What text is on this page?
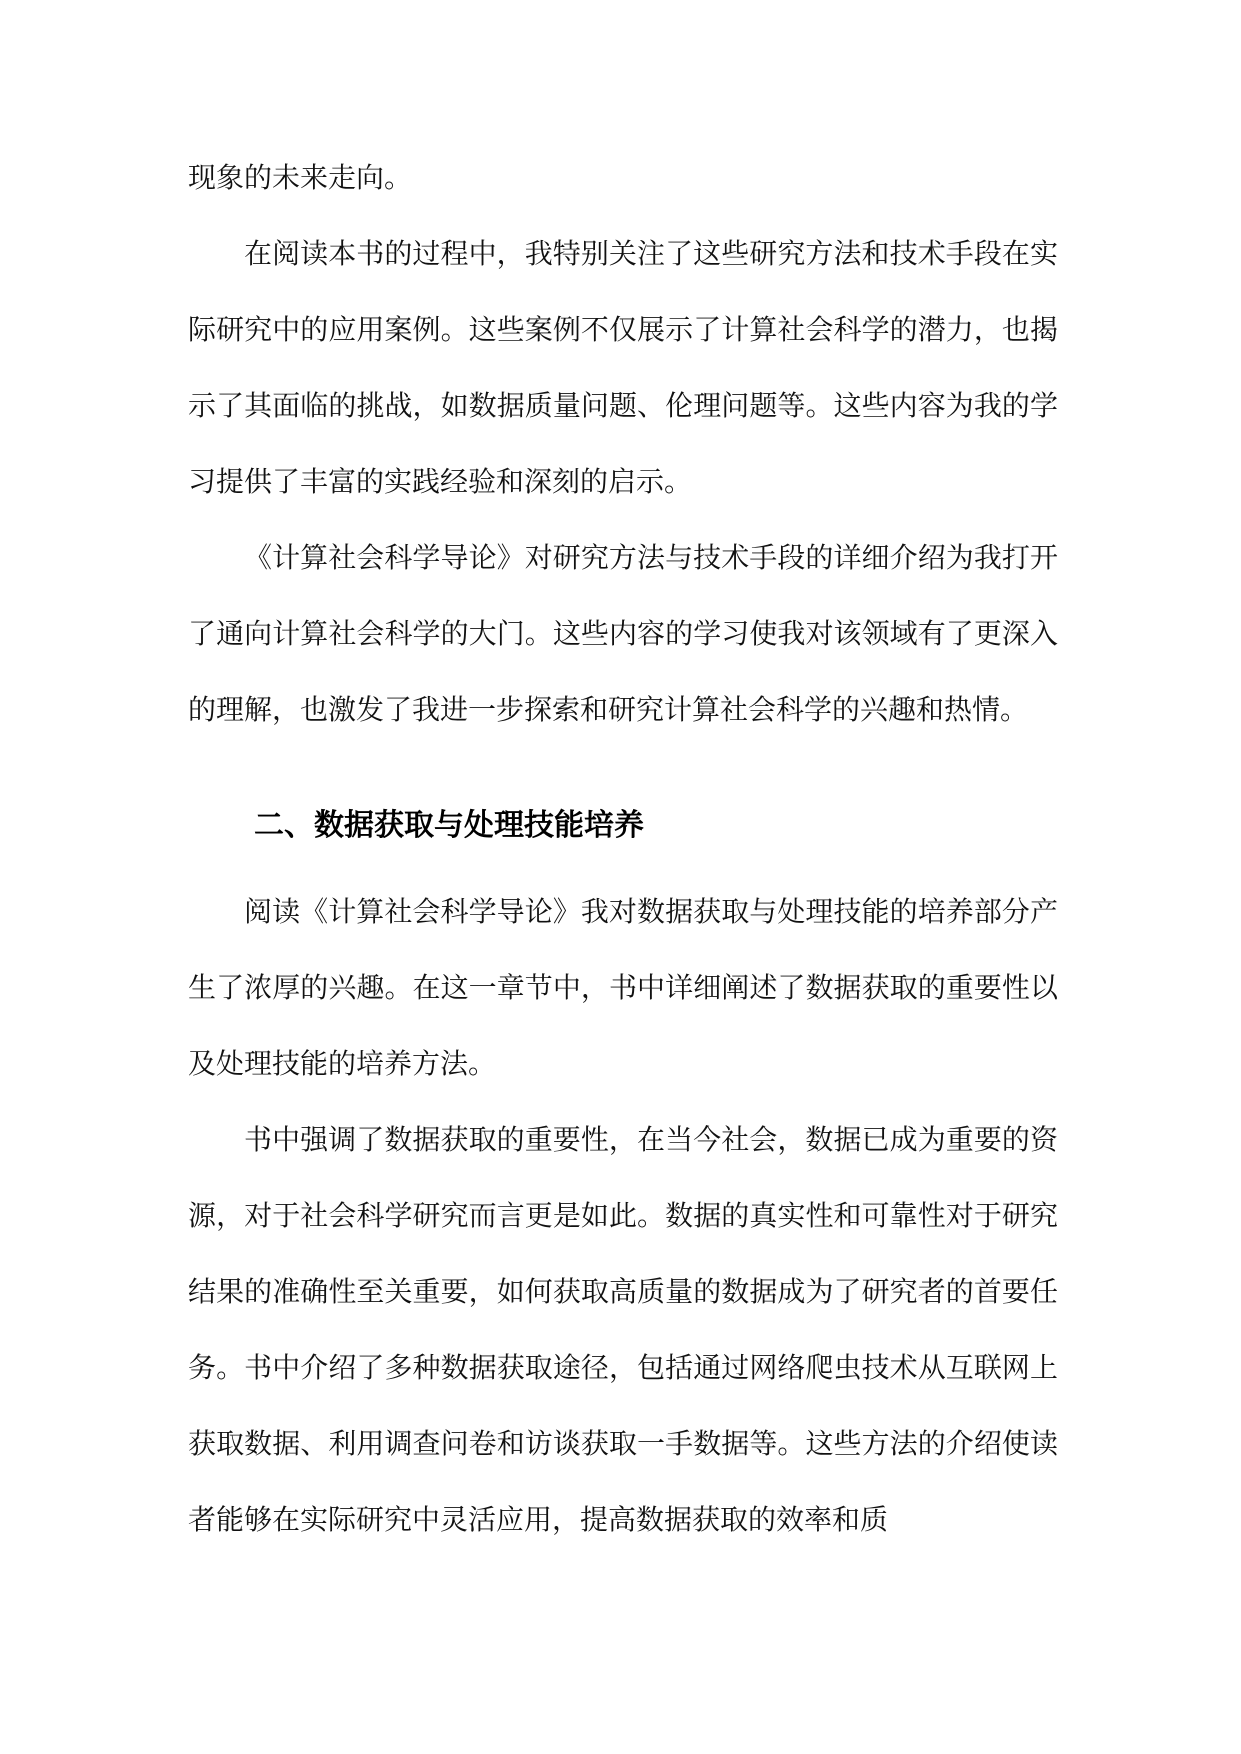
现象的未来走向。

在阅读本书的过程中，我特别关注了这些研究方法和技术手段在实际研究中的应用案例。这些案例不仅展示了计算社会科学的潜力，也揭示了其面临的挑战，如数据质量问题、伦理问题等。这些内容为我的学习提供了丰富的实践经验和深刻的启示。

《计算社会科学导论》对研究方法与技术手段的详细介绍为我打开了通向计算社会科学的大门。这些内容的学习使我对该领域有了更深入的理解，也激发了我进一步探索和研究计算社会科学的兴趣和热情。

二、数据获取与处理技能培养

阅读《计算社会科学导论》我对数据获取与处理技能的培养部分产生了浓厚的兴趣。在这一章节中，书中详细阐述了数据获取的重要性以及处理技能的培养方法。

书中强调了数据获取的重要性，在当今社会，数据已成为重要的资源，对于社会科学研究而言更是如此。数据的真实性和可靠性对于研究结果的准确性至关重要，如何获取高质量的数据成为了研究者的首要任务。书中介绍了多种数据获取途径，包括通过网络爬虫技术从互联网上获取数据、利用调查问卷和访谈获取一手数据等。这些方法的介绍使读者能够在实际研究中灵活应用，提高数据获取的效率和质
